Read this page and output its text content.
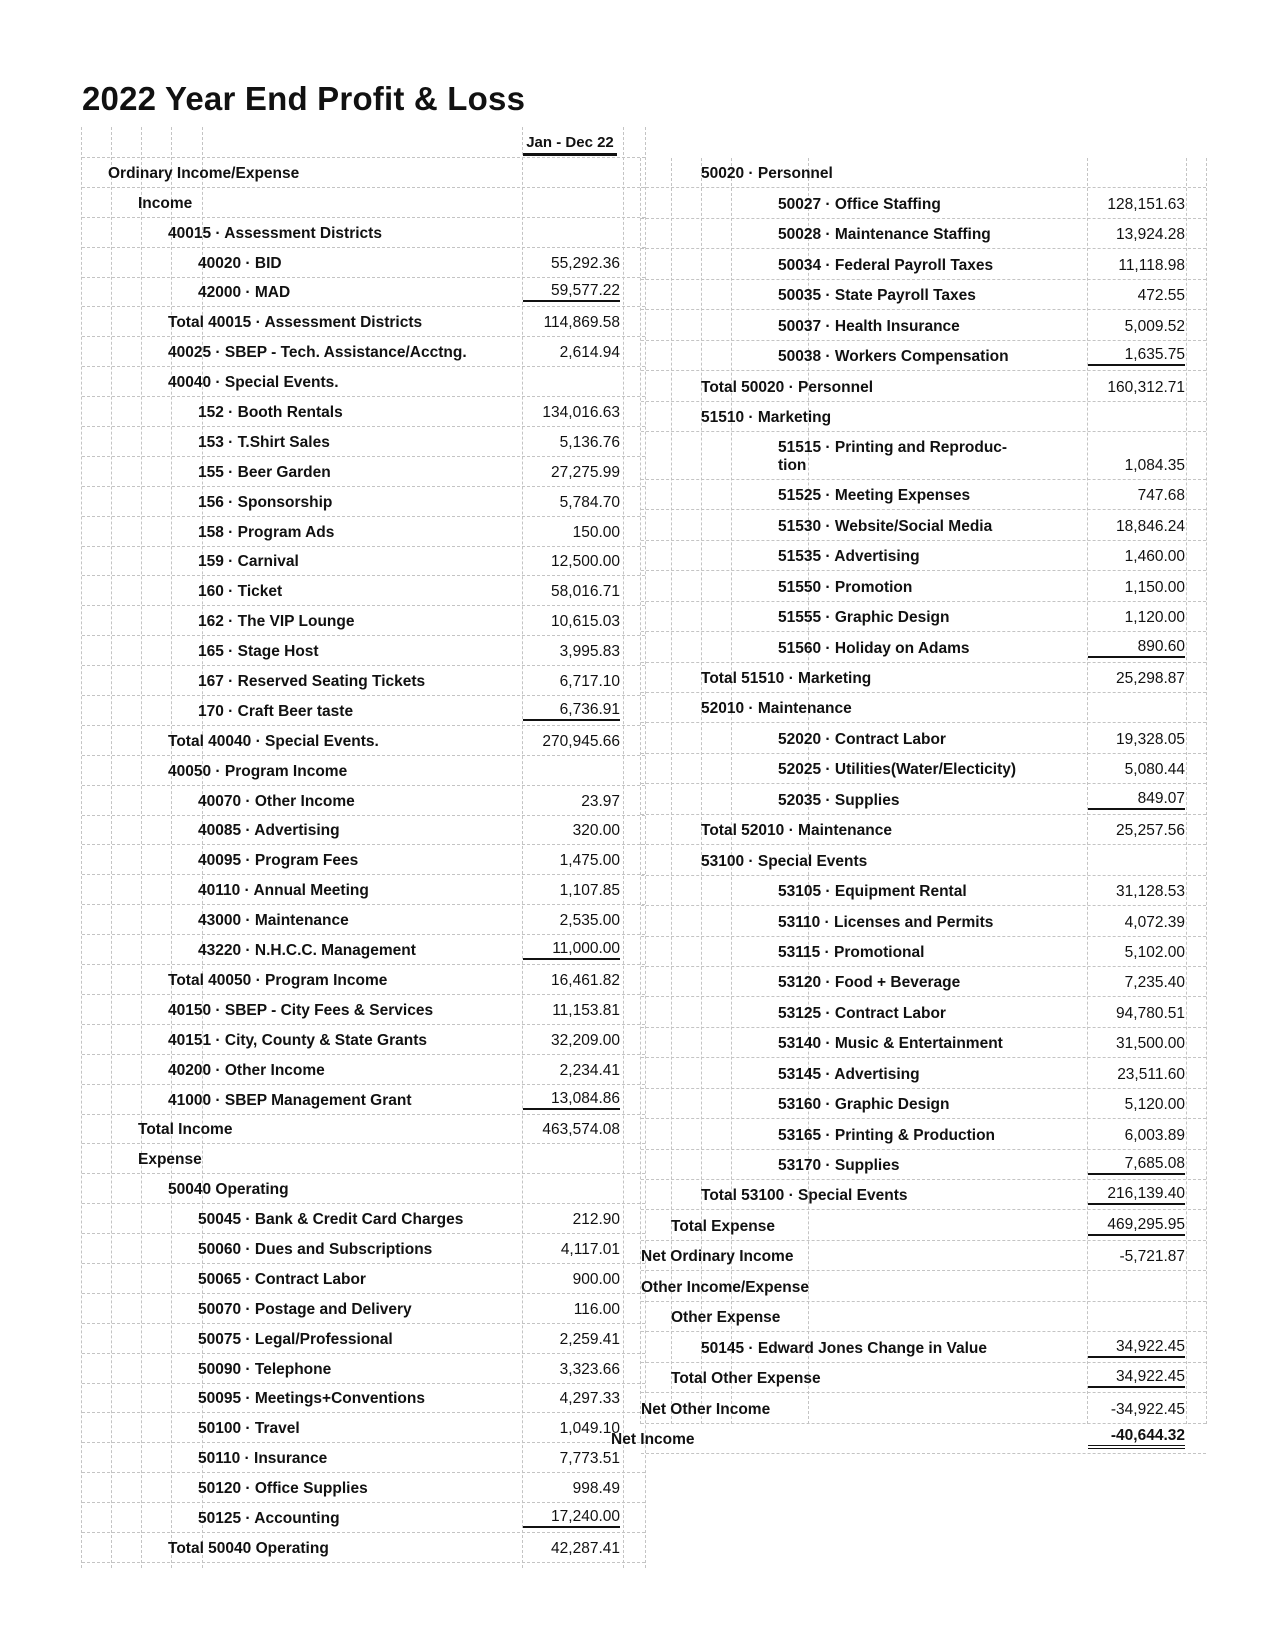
2022 Year End Profit & Loss
Jan - Dec 22
Ordinary Income/Expense
Income
40015 · Assessment Districts
40020 · BID	55,292.36
42000 · MAD	59,577.22
Total 40015 · Assessment Districts	114,869.58
40025 · SBEP - Tech. Assistance/Acctng.	2,614.94
40040 · Special Events.
152 · Booth Rentals	134,016.63
153 · T.Shirt Sales	5,136.76
155 · Beer Garden	27,275.99
156 · Sponsorship	5,784.70
158 · Program Ads	150.00
159 · Carnival	12,500.00
160 · Ticket	58,016.71
162 · The VIP Lounge	10,615.03
165 · Stage Host	3,995.83
167 · Reserved Seating Tickets	6,717.10
170 · Craft Beer taste	6,736.91
Total 40040 · Special Events.	270,945.66
40050 · Program Income
40070 · Other Income	23.97
40085 · Advertising	320.00
40095 · Program Fees	1,475.00
40110 · Annual Meeting	1,107.85
43000 · Maintenance	2,535.00
43220 · N.H.C.C. Management	11,000.00
Total 40050 · Program Income	16,461.82
40150 · SBEP - City Fees & Services	11,153.81
40151 · City, County & State Grants	32,209.00
40200 · Other Income	2,234.41
41000 · SBEP Management Grant	13,084.86
Total Income	463,574.08
Expense
50040 Operating
50045 · Bank & Credit Card Charges	212.90
50060 · Dues and Subscriptions	4,117.01
50065 · Contract Labor	900.00
50070 · Postage and Delivery	116.00
50075 · Legal/Professional	2,259.41
50090 · Telephone	3,323.66
50095 · Meetings+Conventions	4,297.33
50100 · Travel	1,049.10
50110 · Insurance	7,773.51
50120 · Office Supplies	998.49
50125 · Accounting	17,240.00
Total 50040 Operating	42,287.41
50020 · Personnel
50027 · Office Staffing	128,151.63
50028 · Maintenance Staffing	13,924.28
50034 · Federal Payroll Taxes	11,118.98
50035 · State Payroll Taxes	472.55
50037 · Health Insurance	5,009.52
50038 · Workers Compensation	1,635.75
Total 50020 · Personnel	160,312.71
51510 · Marketing
51515 · Printing and Reproduc-
tion	1,084.35
51525 · Meeting Expenses	747.68
51530 · Website/Social Media	18,846.24
51535 · Advertising	1,460.00
51550 · Promotion	1,150.00
51555 · Graphic Design	1,120.00
51560 · Holiday on Adams	890.60
Total 51510 · Marketing	25,298.87
52010 · Maintenance
52020 · Contract Labor	19,328.05
52025 · Utilities(Water/Electicity)	5,080.44
52035 · Supplies	849.07
Total 52010 · Maintenance	25,257.56
53100 · Special Events
53105 · Equipment Rental	31,128.53
53110 · Licenses and Permits	4,072.39
53115 · Promotional	5,102.00
53120 · Food + Beverage	7,235.40
53125 · Contract Labor	94,780.51
53140 · Music & Entertainment	31,500.00
53145 · Advertising	23,511.60
53160 · Graphic Design	5,120.00
53165 · Printing & Production	6,003.89
53170 · Supplies	7,685.08
Total 53100 · Special Events	216,139.40
Total Expense	469,295.95
Net Ordinary Income	-5,721.87
Other Income/Expense
Other Expense
50145 · Edward Jones Change in Value	34,922.45
Total Other Expense	34,922.45
Net Other Income	-34,922.45
Net Income	-40,644.32
